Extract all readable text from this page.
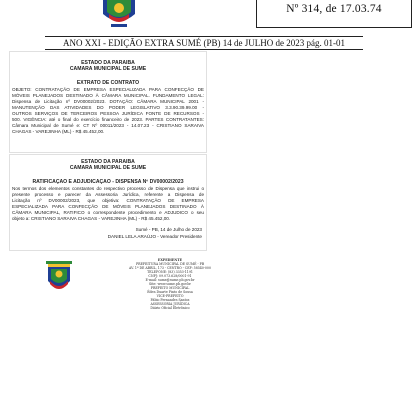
Nº 314, de 17.03.74
ANO XXI - EDIÇÃO EXTRA SUMÉ (PB) 14 de JULHO de 2023 pág. 01-01
ESTADO DA PARAÍBA
CÂMARA MUNICIPAL DE SUMÉ
EXTRATO DE CONTRATO
OBJETO: CONTRATAÇÃO DE EMPRESA ESPECIALIZADA PARA CONFECÇÃO DE
MÓVEIS PLANEJADOS DESTINADO À CÂMARA MUNICIPAL. FUNDAMENTO LEGAL:
Dispensa de Licitação nº DV00002/2023. DOTAÇÃO: CÂMARA MUNICIPAL 2001 -
MANUTENÇÃO DAS ATIVIDADES DO PODER LEGISLATIVO 3.3.90.39.99.00 -
OUTROS SERVIÇOS DE TERCEIROS PESSOA JURÍDICA FONTE DE RECURSOS -
500. VIGÊNCIA: até o final do exercício financeiro de 2023. PARTES CONTRATANTES:
Câmara Municipal de Sumé e: CT Nº 00011/2023 - 14.07.23 - CRISTIANO SARAIVA
CHAGAS - VAREJINHA (ML) - R$ 45.452,00.
ESTADO DA PARAÍBA
CÂMARA MUNICIPAL DE SUMÉ
RATIFICAÇÃO E ADJUDICAÇÃO - DISPENSA Nº DV00002/2023
Nos termos dos elementos constantes do respectivo processo de Dispensa que instrui o
presente processo e parecer da Assessoria Jurídica, referente a Dispensa de
Licitação nº DV00002/2023, que objetiva: CONTRATAÇÃO DE EMPRESA
ESPECIALIZADA PARA CONFECÇÃO DE MÓVEIS PLANEJADOS DESTINADO À
CÂMARA MUNICIPAL, RATIFICO o correspondente procedimento e ADJUDICO o seu
objeto a: CRISTIANO SARAIVA CHAGAS - VAREJINHA (ML) - R$ 45.452,00.
Sumé - PB, 14 de Julho de 2023
DANIEL LELA ARAÚJO - Vereador Presidente
EXPEDIENTE
PREFEITURA MUNICIPAL DE SUMÉ - PB
AV. 1º DE ABRIL, 173 - CENTRO - CEP: 58540-000
TELEFONE: (83) 3353-1191
CNPJ: 09.073.628/0001-91
E-mail: sume@sume.pb.gov.br
Site: www.sume.pb.gov.br
PREFEITO MUNICIPAL
Éden Duarte Pinto de Sousa
VICE-PREFEITO
Fábio Fernandes Santos
ASSESSORIA JURÍDICA
Diário Oficial Eletrônico
